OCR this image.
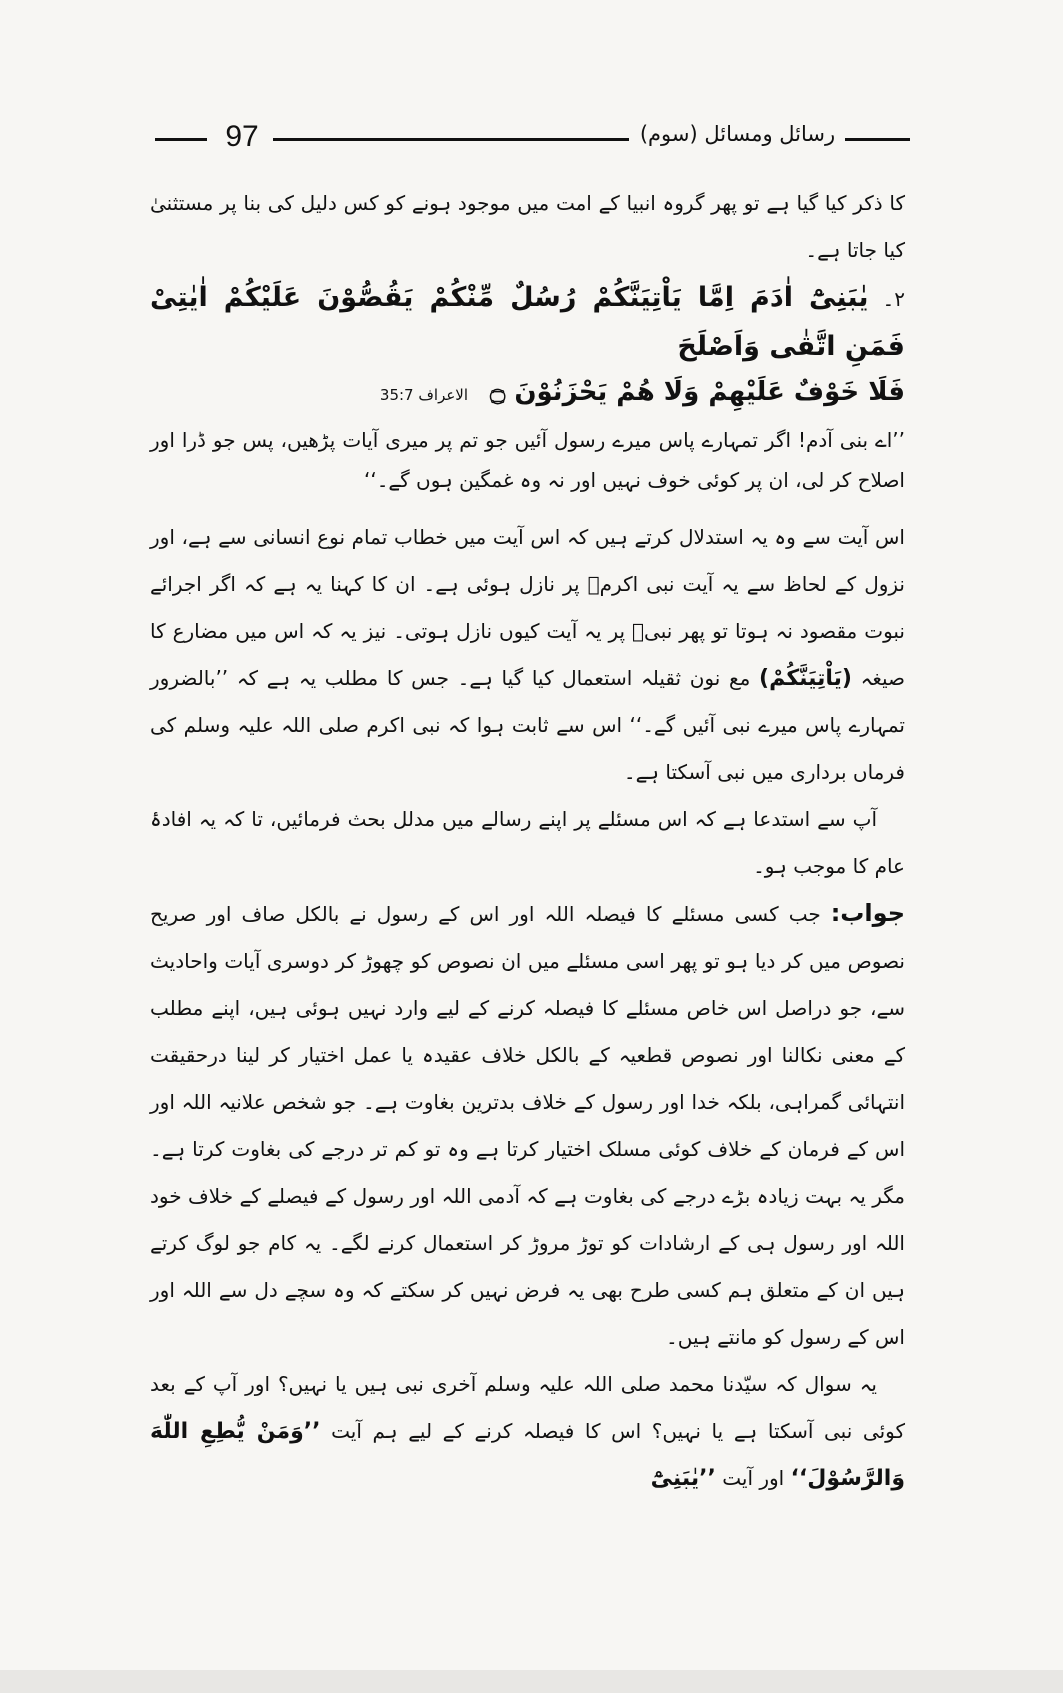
97	رسائل ومسائل (سوم)

کا ذکر کیا گیا ہے تو پھر گروہ انبیا کے امت میں موجود ہونے کو کس دلیل کی بنا پر مستثنیٰ کیا جاتا ہے۔

۲۔یٰبَنِیْٓ اٰدَمَ اِمَّا یَاْتِیَنَّکُمْ رُسُلٌ مِّنْکُمْ یَقُصُّوْنَ عَلَیْکُمْ اٰیٰتِیْ فَمَنِ اتَّقٰی وَاَصْلَحَ

فَلَا خَوْفٌ عَلَیْهِمْ وَلَا هُمْ یَحْزَنُوْنَ ۝الاعراف 35:7

’’اے بنی آدم! اگر تمہارے پاس میرے رسول آئیں جو تم پر میری آیات پڑھیں، پس جو ڈرا اور اصلاح کر لی، ان پر کوئی خوف نہیں اور نہ وہ غمگین ہوں گے۔‘‘

اس آیت سے وہ یہ استدلال کرتے ہیں کہ اس آیت میں خطاب تمام نوع انسانی سے ہے، اور نزول کے لحاظ سے یہ آیت نبی اکرمؐ پر نازل ہوئی ہے۔ ان کا کہنا یہ ہے کہ اگر اجرائے نبوت مقصود نہ ہوتا تو پھر نبیؐ پر یہ آیت کیوں نازل ہوتی۔ نیز یہ کہ اس میں مضارع کا صیغہ (یَاْتِیَنَّکُمْ) مع نون ثقیلہ استعمال کیا گیا ہے۔ جس کا مطلب یہ ہے کہ ’’بالضرور تمہارے پاس میرے نبی آئیں گے۔‘‘ اس سے ثابت ہوا کہ نبی اکرم صلی اللہ علیہ وسلم کی فرماں برداری میں نبی آسکتا ہے۔

آپ سے استدعا ہے کہ اس مسئلے پر اپنے رسالے میں مدلل بحث فرمائیں، تا کہ یہ افادۂ عام کا موجب ہو۔

جواب:جب کسی مسئلے کا فیصلہ اللہ اور اس کے رسول نے بالکل صاف اور صریح نصوص میں کر دیا ہو تو پھر اسی مسئلے میں ان نصوص کو چھوڑ کر دوسری آیات واحادیث سے، جو دراصل اس خاص مسئلے کا فیصلہ کرنے کے لیے وارد نہیں ہوئی ہیں، اپنے مطلب کے معنی نکالنا اور نصوص قطعیہ کے بالکل خلاف عقیدہ یا عمل اختیار کر لینا درحقیقت انتہائی گمراہی، بلکہ خدا اور رسول کے خلاف بدترین بغاوت ہے۔ جو شخص علانیہ اللہ اور اس کے فرمان کے خلاف کوئی مسلک اختیار کرتا ہے وہ تو کم تر درجے کی بغاوت کرتا ہے۔ مگر یہ بہت زیادہ بڑے درجے کی بغاوت ہے کہ آدمی اللہ اور رسول کے فیصلے کے خلاف خود اللہ اور رسول ہی کے ارشادات کو توڑ مروڑ کر استعمال کرنے لگے۔ یہ کام جو لوگ کرتے ہیں ان کے متعلق ہم کسی طرح بھی یہ فرض نہیں کر سکتے کہ وہ سچے دل سے اللہ اور اس کے رسول کو مانتے ہیں۔

یہ سوال کہ سیّدنا محمد صلی اللہ علیہ وسلم آخری نبی ہیں یا نہیں؟ اور آپ کے بعد کوئی نبی آسکتا ہے یا نہیں؟ اس کا فیصلہ کرنے کے لیے ہم آیت ’’وَمَنْ یُّطِعِ اللّٰهَ وَالرَّسُوْلَ‘‘ اور آیت ’’یٰبَنِیْٓ
